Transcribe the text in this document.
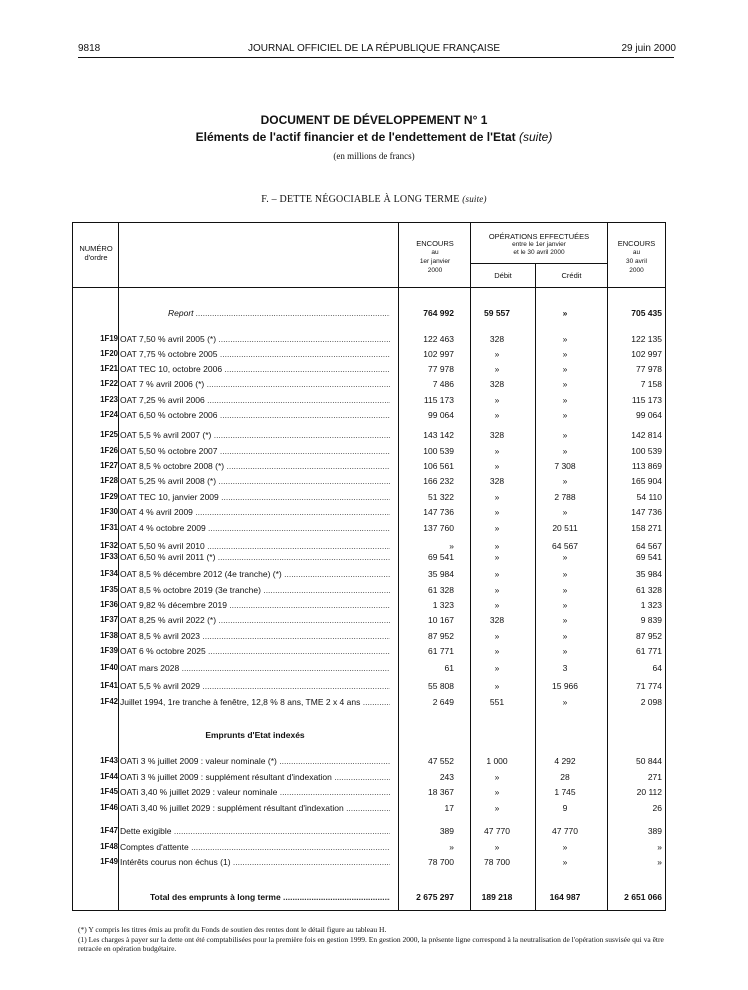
9818	JOURNAL OFFICIEL DE LA RÉPUBLIQUE FRANÇAISE	29 juin 2000
DOCUMENT DE DÉVELOPPEMENT N° 1
Eléments de l'actif financier et de l'endettement de l'Etat (suite)
(en millions de francs)
F. – DETTE NÉGOCIABLE À LONG TERME (suite)
NUMÉRO
d'ordre
ENCOURS
au
1er janvier
2000
OPÉRATIONS EFFECTUÉES
entre le 1er janvier
et le 30 avril 2000
Débit	Crédit
ENCOURS
au
30 avril
2000
Report .....	764 992	59 557	»	705 435
1F19 OAT 7,50 % avril 2005 (*) .....	122 463	328	»	122 135
1F20 OAT 7,75 % octobre 2005 .....	102 997	»	»	102 997
1F21 OAT TEC 10, octobre 2006 .....	77 978	»	»	77 978
1F22 OAT 7 % avril 2006 (*) .....	7 486	328	»	7 158
1F23 OAT 7,25 % avril 2006 .....	115 173	»	»	115 173
1F24 OAT 6,50 % octobre 2006 .....	99 064	»	»	99 064
1F25 OAT 5,5 % avril 2007 (*) .....	143 142	328	»	142 814
1F26 OAT 5,50 % octobre 2007 .....	100 539	»	»	100 539
1F27 OAT 8,5 % octobre 2008 (*) .....	106 561	»	7 308	113 869
1F28 OAT 5,25 % avril 2008 (*) .....	166 232	328	»	165 904
1F29 OAT TEC 10, janvier 2009 .....	51 322	»	2 788	54 110
1F30 OAT 4 % avril 2009 .....	147 736	»	»	147 736
1F31 OAT 4 % octobre 2009 .....	137 760	»	20 511	158 271
1F32 OAT 5,50 % avril 2010 .....	»	»	64 567	64 567
1F33 OAT 6,50 % avril 2011 (*) .....	69 541	»	»	69 541
1F34 OAT 8,5 % décembre 2012 (4e tranche) (*) .....	35 984	»	»	35 984
1F35 OAT 8,5 % octobre 2019 (3e tranche) .....	61 328	»	»	61 328
1F36 OAT 9,82 % décembre 2019 .....	1 323	»	»	1 323
1F37 OAT 8,25 % avril 2022 (*) .....	10 167	328	»	9 839
1F38 OAT 8,5 % avril 2023 .....	87 952	»	»	87 952
1F39 OAT 6 % octobre 2025 .....	61 771	»	»	61 771
1F40 OAT mars 2028 .....	61	»	3	64
1F41 OAT 5,5 % avril 2029 .....	55 808	»	15 966	71 774
1F42 Juillet 1994, 1re tranche à fenêtre, 12,8 % 8 ans, TME 2 x 4 ans .....	2 649	551	»	2 098
Emprunts d'Etat indexés
1F43 OATi 3 % juillet 2009 : valeur nominale (*) .....	47 552	1 000	4 292	50 844
1F44 OATi 3 % juillet 2009 : supplément résultant d'indexation .....	243	»	28	271
1F45 OATi 3,40 % juillet 2029 : valeur nominale .....	18 367	»	1 745	20 112
1F46 OATi 3,40 % juillet 2029 : supplément résultant d'indexation .....	17	»	9	26
1F47 Dette exigible .....	389	47 770	47 770	389
1F48 Comptes d'attente .....	»	»	»	»
1F49 Intérêts courus non échus (1) .....	78 700	78 700	»	»
Total des emprunts à long terme .....	2 675 297	189 218	164 987	2 651 066
(*) Y compris les titres émis au profit du Fonds de soutien des rentes dont le détail figure au tableau H.
(1) Les charges à payer sur la dette ont été comptabilisées pour la première fois en gestion 1999. En gestion 2000, la présente ligne correspond à la neutralisation de l'opération susvisée qui va être retracée en opération budgétaire.
